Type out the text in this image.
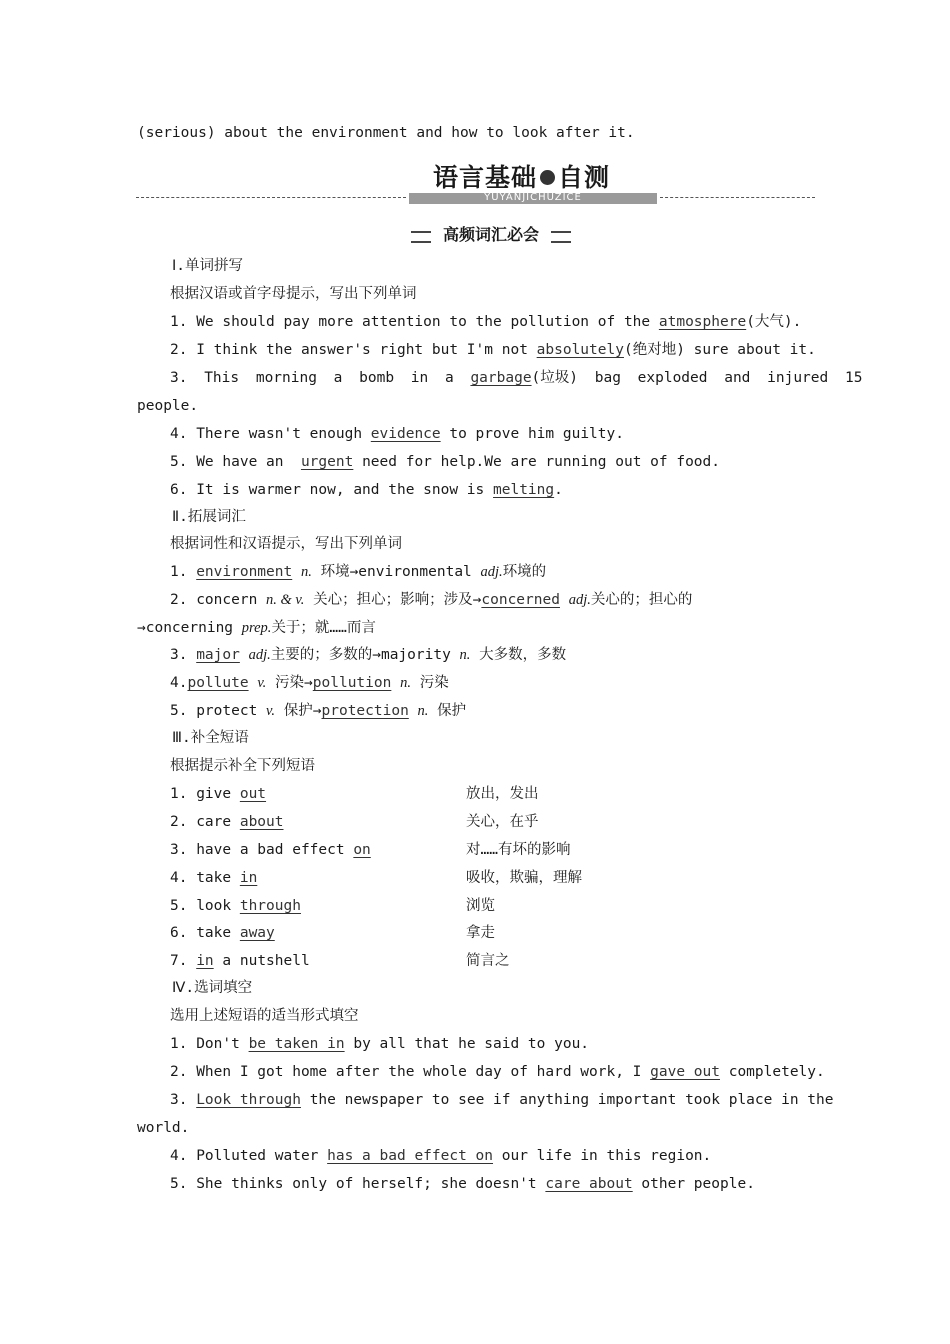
(serious) about the environment and how to look after it.
语言基础 自测
YUYANJICHUZICE
高频词汇必会
Ⅰ.单词拼写
根据汉语或首字母提示，写出下列单词
1. We should pay more attention to the pollution of the atmosphere(大气).
2. I think the answer's right but I'm not absolutely(绝对地) sure about it.
3. This morning a bomb in a garbage(垃圾) bag exploded and injured 15
people.
4. There wasn't enough evidence to prove him guilty.
5. We have an  urgent need for help.We are running out of food.
6. It is warmer now, and the snow is melting.
Ⅱ.拓展词汇
根据词性和汉语提示，写出下列单词
1. environment n. 环境→environmental adj.环境的
2. concern n. & v. 关心；担心；影响；涉及→concerned adj.关心的；担心的
→concerning prep.关于；就……而言
3. major adj.主要的；多数的→majority n. 大多数，多数
4.pollute v. 污染→pollution n. 污染
5. protect v. 保护→protection n. 保护
Ⅲ.补全短语
根据提示补全下列短语
1. give out	放出，发出
2. care about	关心，在乎
3. have a bad effect on	对……有坏的影响
4. take in	吸收，欺骗，理解
5. look through	浏览
6. take away	拿走
7. in a nutshell	简言之
Ⅳ.选词填空
选用上述短语的适当形式填空
1. Don't be taken in by all that he said to you.
2. When I got home after the whole day of hard work, I gave out completely.
3. Look through the newspaper to see if anything important took place in the
world.
4. Polluted water has a bad effect on our life in this region.
5. She thinks only of herself; she doesn't care about other people.
